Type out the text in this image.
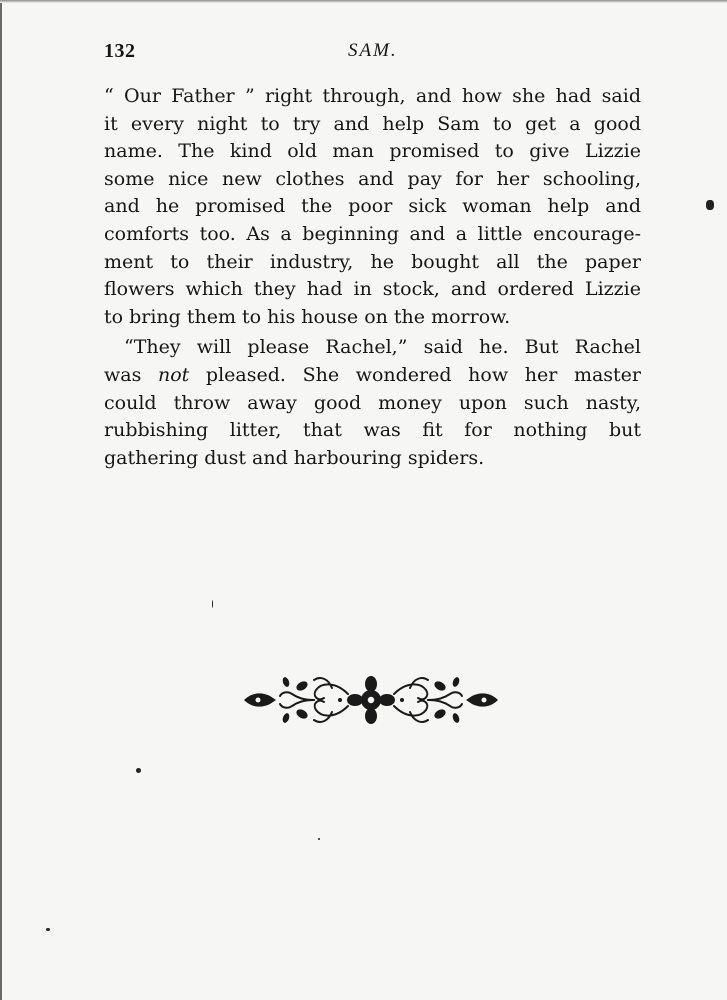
132	SAM.
“ Our Father ” right through, and how she had said
it every night to try and help Sam to get a good
name. The kind old man promised to give Lizzie
some nice new clothes and pay for her schooling,
and he promised the poor sick woman help and
comforts too. As a beginning and a little encourage-
ment to their industry, he bought all the paper
flowers which they had in stock, and ordered Lizzie
to bring them to his house on the morrow.
“They will please Rachel,” said he. But Rachel
was not pleased. She wondered how her master
could throw away good money upon such nasty,
rubbishing litter, that was fit for nothing but
gathering dust and harbouring spiders.
